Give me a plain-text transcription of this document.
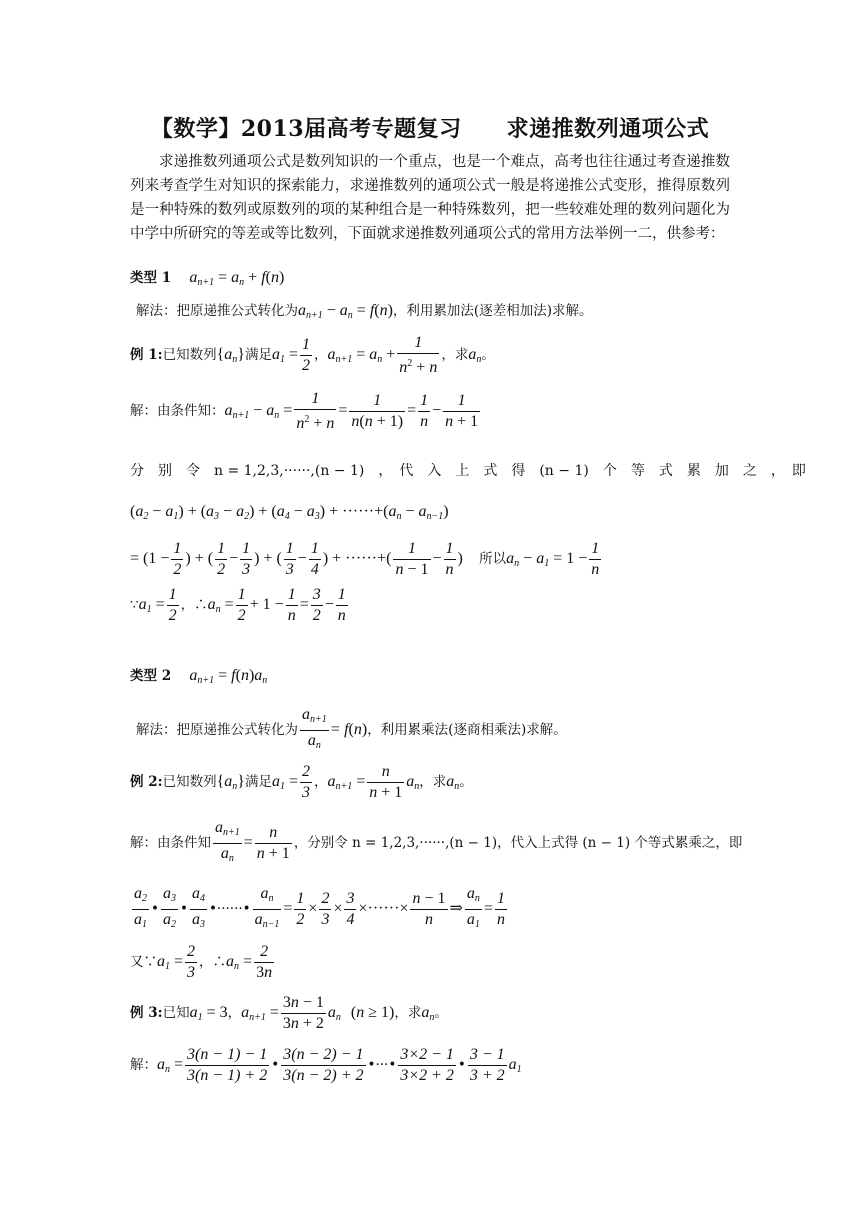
【数学】2013届高考专题复习　　求递推数列通项公式
求递推数列通项公式是数列知识的一个重点，也是一个难点，高考也往往通过考查递推数列来考查学生对知识的探索能力，求递推数列的通项公式一般是将递推公式变形，推得原数列是一种特殊的数列或原数列的项的某种组合是一种特殊数列，把一些较难处理的数列问题化为中学中所研究的等差或等比数列，下面就求递推数列通项公式的常用方法举例一二，供参考：
类型 1 $a_{n+1} = a_n + f(n)$
解法：把原递推公式转化为$a_{n+1} - a_n = f(n)$，利用累加法(逐差相加法)求解。
例 1:已知数列$\{a_n\}$满足$a_1 = \frac{1}{2}$ ，$a_{n+1} = a_n + \frac{1}{n^2 + n}$ ，求$a_n$。
解：由条件知：$a_{n+1} - a_n = \frac{1}{n^2 + n} = \frac{1}{n(n + 1)} = \frac{1}{n} - \frac{1}{n + 1}$
分　别　令　n = 1,2,3,······,(n − 1)　，　代　入　上　式　得　(n − 1)　个　等　式　累　加　之　，　即
$(a_2 - a_1) + (a_3 - a_2) + (a_4 - a_3) + \cdot\cdot\cdot\cdot\cdot\cdot+(a_n - a_{n-1})$
= ($1 - \frac{1}{2}$ ) + ( $\frac{1}{2} - \frac{1}{3}$ ) + ( $\frac{1}{3} - \frac{1}{4}$ ) + ······+( $\frac{1}{n - 1} - \frac{1}{n}$ ) 所以$a_n - a_1 = 1 - \frac{1}{n}$
$\because a_1 = \frac{1}{2}$ ，$\therefore a_n = \frac{1}{2} + 1 - \frac{1}{n} = \frac{3}{2} - \frac{1}{n}$
类型 2 $a_{n+1} = f(n)a_n$
解法：把原递推公式转化为 $\frac{a_{n+1}}{a_n} = f(n)$，利用累乘法(逐商相乘法)求解。
例 2:已知数列$\{a_n\}$满足$a_1 = \frac{2}{3}$ ，$a_{n+1} = \frac{n}{n + 1} a_n$，求$a_n$。
解：由条件知 $\frac{a_{n+1}}{a_n} = \frac{n}{n + 1}$ ，分别令 n = 1,2,3,······,(n − 1)，代入上式得 (n − 1) 个等式累乘之，即
$\frac{a_2}{a_1}$ • $\frac{a_3}{a_2}$ • $\frac{a_4}{a_3}$ •······• $\frac{a_n}{a_{n-1}} = \frac{1}{2} \times \frac{2}{3} \times \frac{3}{4}$ ×······× $\frac{n - 1}{n}$ ⇒ $\frac{a_n}{a_1} = \frac{1}{n}$
又$\because a_1 = \frac{2}{3}$ ，$\therefore a_n = \frac{2}{3n}$
例 3:已知$a_1 = 3$，$a_{n+1} = \frac{3n - 1}{3n + 2} a_n$ (n ≥ 1)，求$a_n$。
解：$a_n = \frac{3(n - 1) - 1}{3(n - 1) + 2}$ • $\frac{3(n - 2) - 1}{3(n - 2) + 2}$ •···• $\frac{3\times 2 - 1}{3\times 2 + 2}$ • $\frac{3 - 1}{3 + 2} a_1$
